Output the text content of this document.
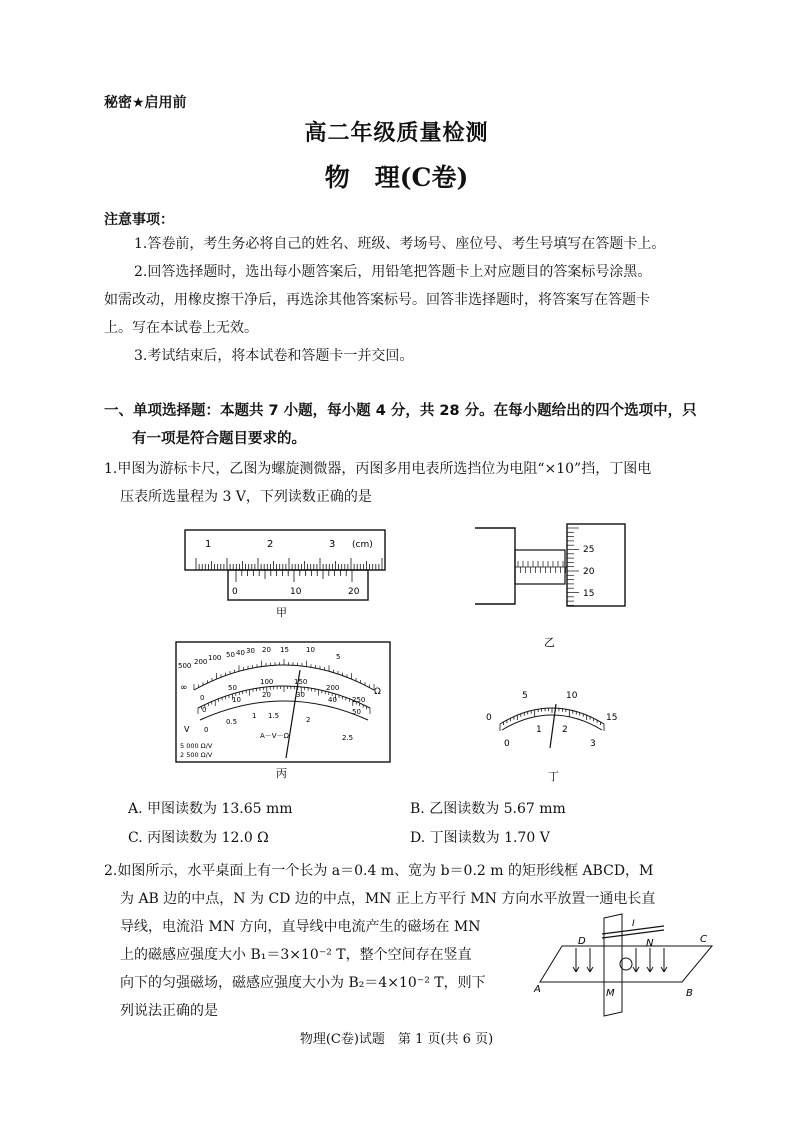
秘密★启用前
高二年级质量检测
物　理(C卷)
注意事项：
1.答卷前，考生务必将自己的姓名、班级、考场号、座位号、考生号填写在答题卡上。
2.回答选择题时，选出每小题答案后，用铅笔把答题卡上对应题目的答案标号涂黑。
如需改动，用橡皮擦干净后，再选涂其他答案标号。回答非选择题时，将答案写在答题卡
上。写在本试卷上无效。
3.考试结束后，将本试卷和答题卡一并交回。
一、单项选择题：本题共 7 小题，每小题 4 分，共 28 分。在每小题给出的四个选项中，只
有一项是符合题目要求的。
1.甲图为游标卡尺，乙图为螺旋测微器，丙图多用电表所选挡位为电阻“×10”挡，丁图电
压表所选量程为 3 V，下列读数正确的是
1	2	3 (cm)
0	10	20
甲
25
20
15
乙
500 200 100 50 40 30 20 15 10
5
∞	Ω
0
50
100	150
200
250
0
10
20	30
40
50
0
0.5
1 1.5	2
2.5
V
A－V－Ω
5 000 Ω/V
2 500 Ω/V
丙
0
5	10
15
0
1 2
3
丁
A. 甲图读数为 13.65 mm	B. 乙图读数为 5.67 mm
C. 丙图读数为 12.0 Ω	D. 丁图读数为 1.70 V
2.如图所示，水平桌面上有一个长为 a＝0.4 m、宽为 b＝0.2 m 的矩形线框 ABCD，M
为 AB 边的中点，N 为 CD 边的中点，MN 正上方平行 MN 方向水平放置一通电长直
导线，电流沿 MN 方向，直导线中电流产生的磁场在 MN
上的磁感应强度大小 B₁＝3×10⁻² T，整个空间存在竖直
向下的匀强磁场，磁感应强度大小为 B₂＝4×10⁻² T，则下
列说法正确的是
D	C
A	B
M
N
I
物理(C卷)试题　第 1 页(共 6 页)
